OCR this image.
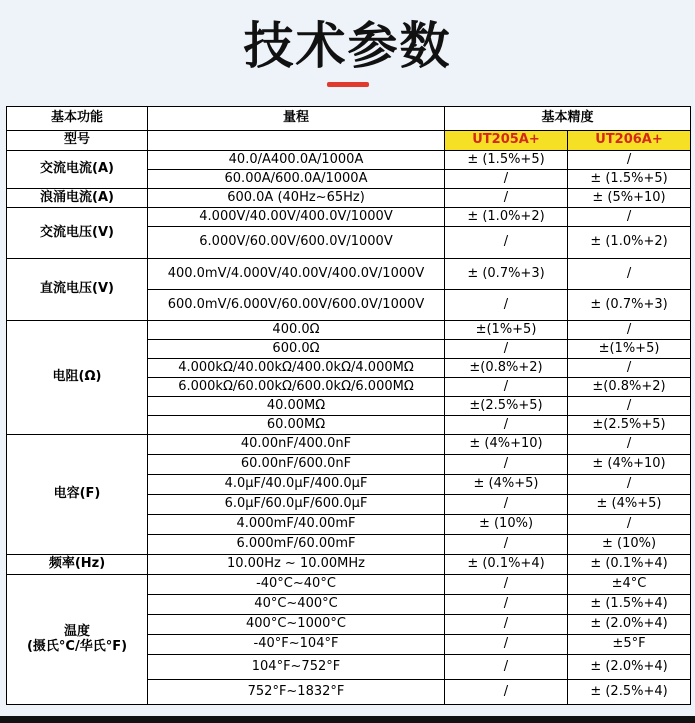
技术参数
基本功能	量程	基本精度	
型号		UT205A+	UT206A+
交流电流(A)	40.0/A400.0A/1000A	± (1.5%+5)	/
	60.00A/600.0A/1000A	/	± (1.5%+5)
浪涌电流(A)	600.0A (40Hz~65Hz)	/	± (5%+10)
交流电压(V)	4.000V/40.00V/400.0V/1000V	± (1.0%+2)	/
	6.000V/60.00V/600.0V/1000V	/	± (1.0%+2)
直流电压(V)	400.0mV/4.000V/40.00V/400.0V/1000V	± (0.7%+3)	/
	600.0mV/6.000V/60.00V/600.0V/1000V	/	± (0.7%+3)
电阻(Ω)	400.0Ω	±(1%+5)	/
	600.0Ω	/	±(1%+5)
	4.000kΩ/40.00kΩ/400.0kΩ/4.000MΩ	±(0.8%+2)	/
	6.000kΩ/60.00kΩ/600.0kΩ/6.000MΩ	/	±(0.8%+2)
	40.00MΩ	±(2.5%+5)	/
	60.00MΩ	/	±(2.5%+5)
电容(F)	40.00nF/400.0nF	± (4%+10)	/
	60.00nF/600.0nF	/	± (4%+10)
	4.0μF/40.0μF/400.0μF	± (4%+5)	/
	6.0μF/60.0μF/600.0μF	/	± (4%+5)
	4.000mF/40.00mF	± (10%)	/
	6.000mF/60.00mF	/	± (10%)
频率(Hz)	10.00Hz ~ 10.00MHz	± (0.1%+4)	± (0.1%+4)

温度
(摄氏°C/华氏°F)	-40°C~40°C	/	±4°C
	40°C~400°C	/	± (1.5%+4)
	400°C~1000°C	/	± (2.0%+4)
	-40°F~104°F	/	±5°F
	104°F~752°F	/	± (2.0%+4)
	752°F~1832°F	/	± (2.5%+4)
